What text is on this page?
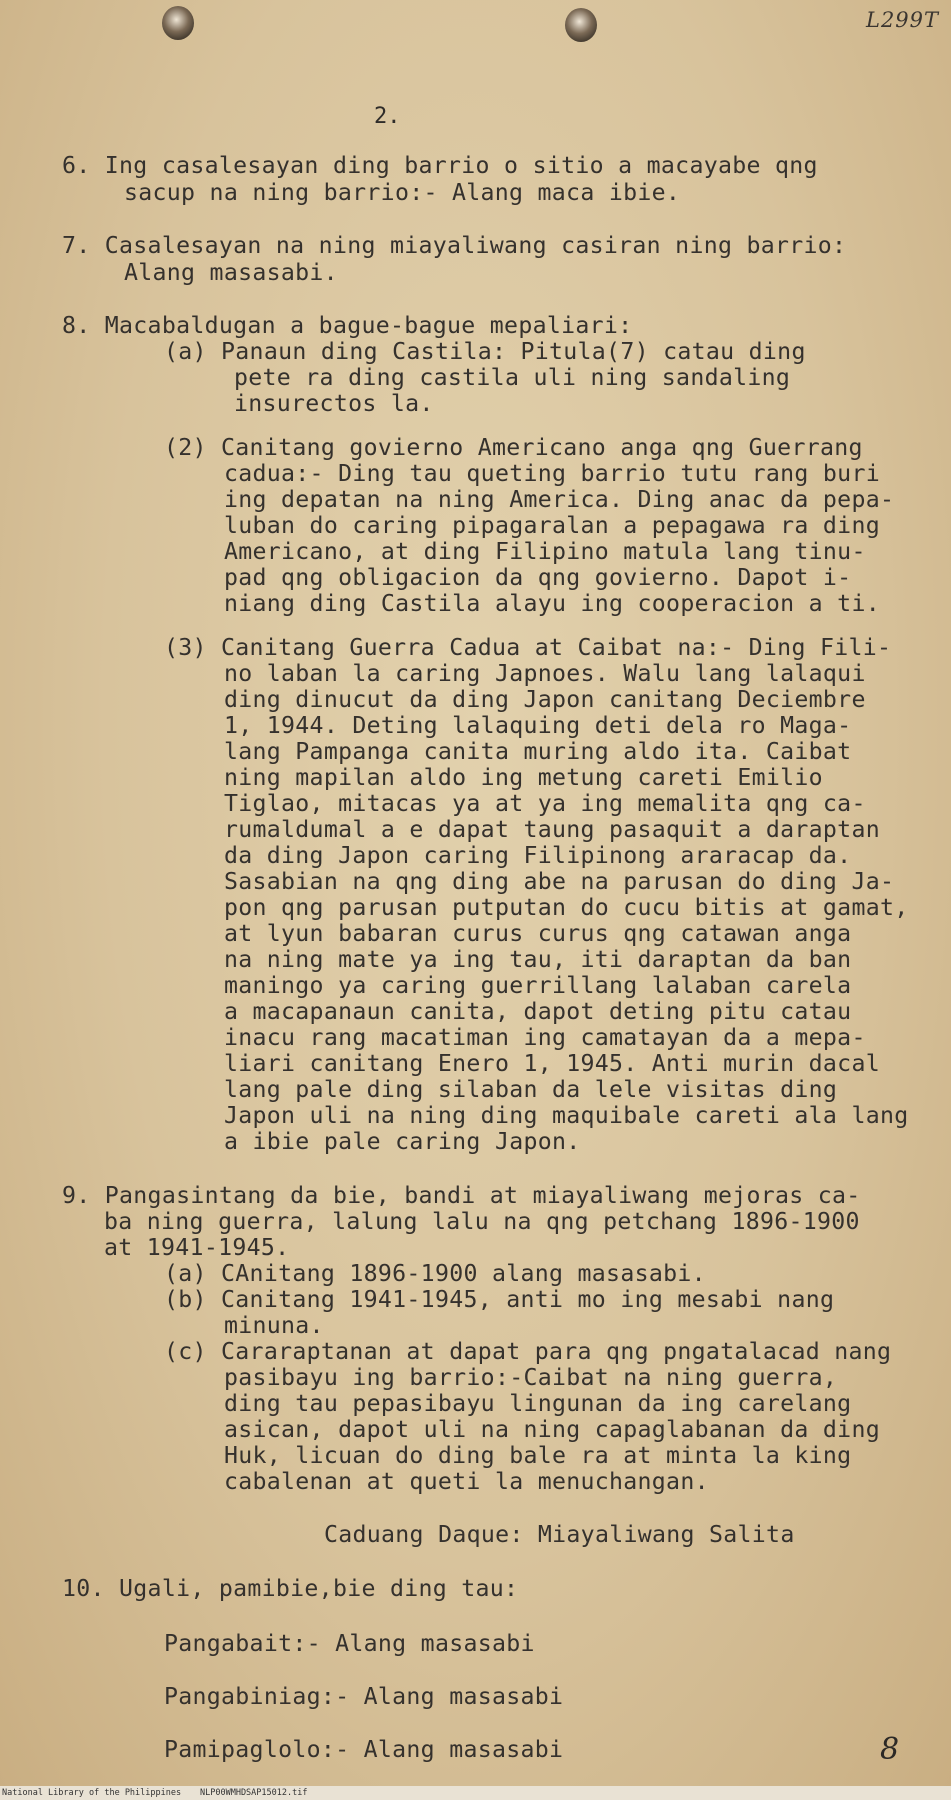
L299T
2.
6. Ing casalesayan ding barrio o sitio a macayabe qng
sacup na ning barrio:- Alang maca ibie.
7. Casalesayan na ning miayaliwang casiran ning barrio:
Alang masasabi.
8. Macabaldugan a bague-bague mepaliari:
(a) Panaun ding Castila: Pitula(7) catau ding
pete ra ding castila uli ning sandaling
insurectos la.
(2) Canitang govierno Americano anga qng Guerrang
cadua:- Ding tau queting barrio tutu rang buri
ing depatan na ning America. Ding anac da pepa-
luban do caring pipagaralan a pepagawa ra ding
Americano, at ding Filipino matula lang tinu-
pad qng obligacion da qng govierno. Dapot i-
niang ding Castila alayu ing cooperacion a ti.
(3) Canitang Guerra Cadua at Caibat na:- Ding Fili-
no laban la caring Japnoes. Walu lang lalaqui
ding dinucut da ding Japon canitang Deciembre
1, 1944. Deting lalaquing deti dela ro Maga-
lang Pampanga canita muring aldo ita. Caibat
ning mapilan aldo ing metung careti Emilio
Tiglao, mitacas ya at ya ing memalita qng ca-
rumaldumal a e dapat taung pasaquit a daraptan
da ding Japon caring Filipinong araracap da.
Sasabian na qng ding abe na parusan do ding Ja-
pon qng parusan putputan do cucu bitis at gamat,
at lyun babaran curus curus qng catawan anga
na ning mate ya ing tau, iti daraptan da ban
maningo ya caring guerrillang lalaban carela
a macapanaun canita, dapot deting pitu catau
inacu rang macatiman ing camatayan da a mepa-
liari canitang Enero 1, 1945. Anti murin dacal
lang pale ding silaban da lele visitas ding
Japon uli na ning ding maquibale careti ala lang
a ibie pale caring Japon.
9. Pangasintang da bie, bandi at miayaliwang mejoras ca-
ba ning guerra, lalung lalu na qng petchang 1896-1900
at 1941-1945.
(a) CAnitang 1896-1900 alang masasabi.
(b) Canitang 1941-1945, anti mo ing mesabi nang
minuna.
(c) Cararaptanan at dapat para qng pngatalacad nang
pasibayu ing barrio:-Caibat na ning guerra,
ding tau pepasibayu lingunan da ing carelang
asican, dapot uli na ning capaglabanan da ding
Huk, licuan do ding bale ra at minta la king
cabalenan at queti la menuchangan.
Caduang Daque: Miayaliwang Salita
10. Ugali, pamibie,bie ding tau:
Pangabait:- Alang masasabi
Pangabiniag:- Alang masasabi
Pamipaglolo:- Alang masasabi	8
National Library of the Philippines NLP00WMHDSAP15012.tif
